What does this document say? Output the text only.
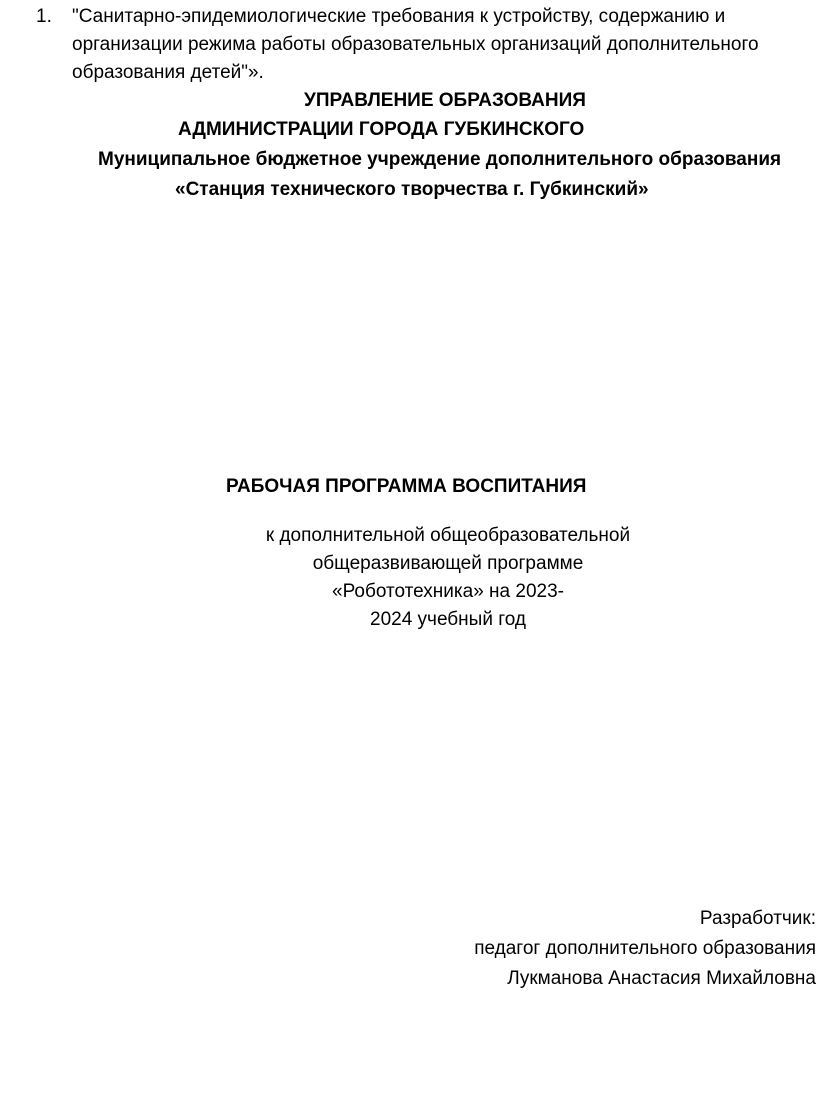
1. "Санитарно-эпидемиологические требования к устройству, содержанию и организации режима работы образовательных организаций дополнительного образования детей"».
УПРАВЛЕНИЕ ОБРАЗОВАНИЯ
АДМИНИСТРАЦИИ ГОРОДА ГУБКИНСКОГО
Муниципальное бюджетное учреждение дополнительного образования
«Станция технического творчества г. Губкинский»
РАБОЧАЯ ПРОГРАММА ВОСПИТАНИЯ
к дополнительной общеобразовательной
общеразвивающей программе
«Робототехника» на 2023-
2024 учебный год
Разработчик:
педагог дополнительного образования
Лукманова Анастасия Михайловна
